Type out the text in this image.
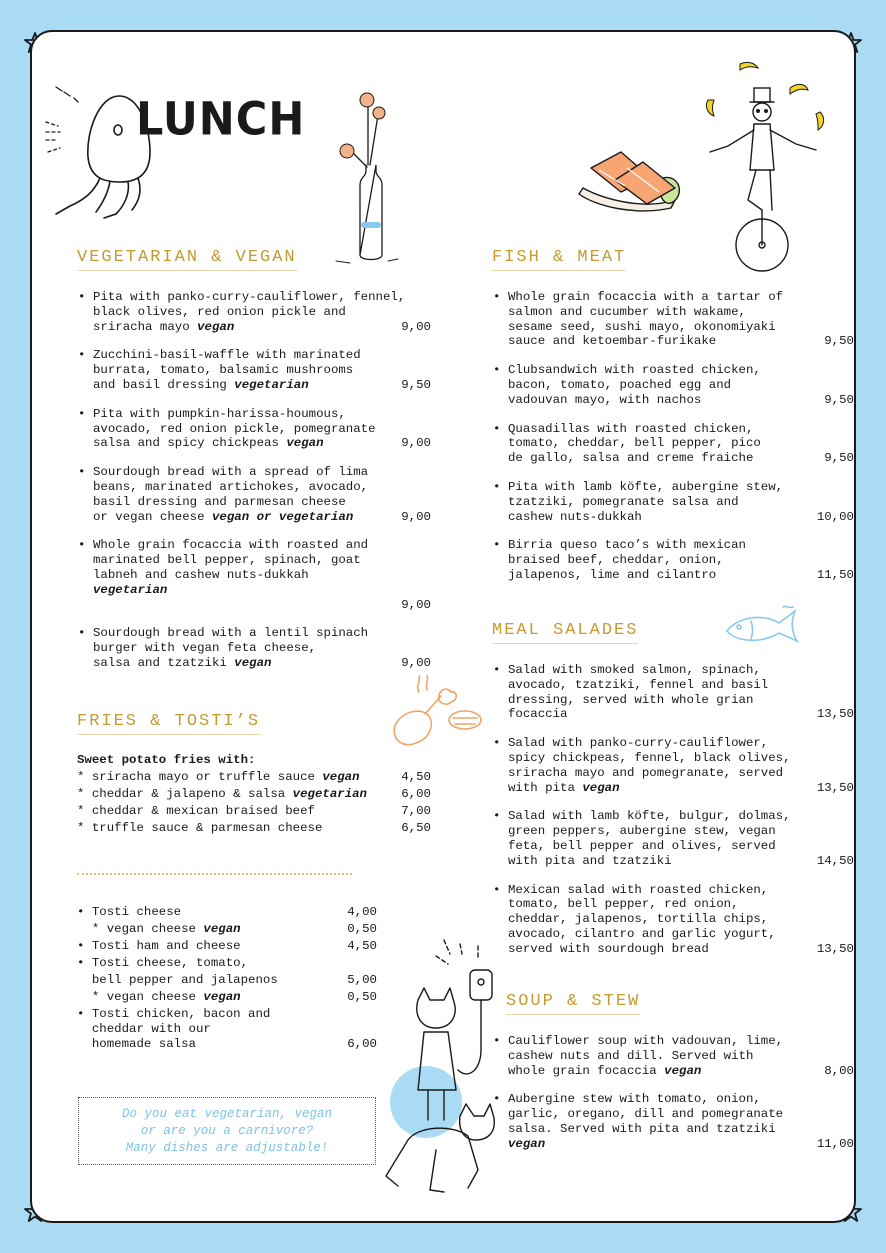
LUNCH
VEGETARIAN & VEGAN
• Pita with panko-curry-cauliflower, fennel,
black olives, red onion pickle and
sriracha mayo vegan	9,00
• Zucchini-basil-waffle with marinated
burrata, tomato, balsamic mushrooms
and basil dressing vegetarian	9,50
• Pita with pumpkin-harissa-houmous,
avocado, red onion pickle, pomegranate
salsa and spicy chickpeas vegan	9,00
• Sourdough bread with a spread of lima
beans, marinated artichokes, avocado,
basil dressing and parmesan cheese
or vegan cheese vegan or vegetarian	9,00
• Whole grain focaccia with roasted and
marinated bell pepper, spinach, goat
labneh and cashew nuts-dukkah
vegetarian

9,00
• Sourdough bread with a lentil spinach
burger with vegan feta cheese,
salsa and tzatziki vegan	9,00
FRIES & TOSTI’S
Sweet potato fries with:
* sriracha mayo or truffle sauce vegan	4,50
* cheddar & jalapeno & salsa vegetarian	6,00
* cheddar & mexican braised beef	7,00
* truffle sauce & parmesan cheese	6,50
• Tosti cheese	4,00
* vegan cheese vegan	0,50
• Tosti ham and cheese	4,50
• Tosti cheese, tomato,
bell pepper and jalapenos	5,00
* vegan cheese vegan	0,50
• Tosti chicken, bacon and
cheddar with our
homemade salsa	6,00
Do you eat vegetarian, vegan
or are you a carnivore?
Many dishes are adjustable!
FISH & MEAT
• Whole grain focaccia with a tartar of
salmon and cucumber with wakame,
sesame seed, sushi mayo, okonomiyaki
sauce and ketoembar-furikake	9,50
• Clubsandwich with roasted chicken,
bacon, tomato, poached egg and
vadouvan mayo, with nachos	9,50
• Quasadillas with roasted chicken,
tomato, cheddar, bell pepper, pico
de gallo, salsa and creme fraiche	9,50
• Pita with lamb köfte, aubergine stew,
tzatziki, pomegranate salsa and
cashew nuts-dukkah	10,00
• Birria queso taco’s with mexican
braised beef, cheddar, onion,
jalapenos, lime and cilantro	11,50
MEAL SALADES
• Salad with smoked salmon, spinach,
avocado, tzatziki, fennel and basil
dressing, served with whole grian
focaccia	13,50
• Salad with panko-curry-cauliflower,
spicy chickpeas, fennel, black olives,
sriracha mayo and pomegranate, served
with pita vegan	13,50
• Salad with lamb köfte, bulgur, dolmas,
green peppers, aubergine stew, vegan
feta, bell pepper and olives, served
with pita and tzatziki	14,50
• Mexican salad with roasted chicken,
tomato, bell pepper, red onion,
cheddar, jalapenos, tortilla chips,
avocado, cilantro and garlic yogurt,
served with sourdough bread	13,50
SOUP & STEW
• Cauliflower soup with vadouvan, lime,
cashew nuts and dill. Served with
whole grain focaccia vegan	8,00
• Aubergine stew with tomato, onion,
garlic, oregano, dill and pomegranate
salsa. Served with pita and tzatziki
vegan	11,00
